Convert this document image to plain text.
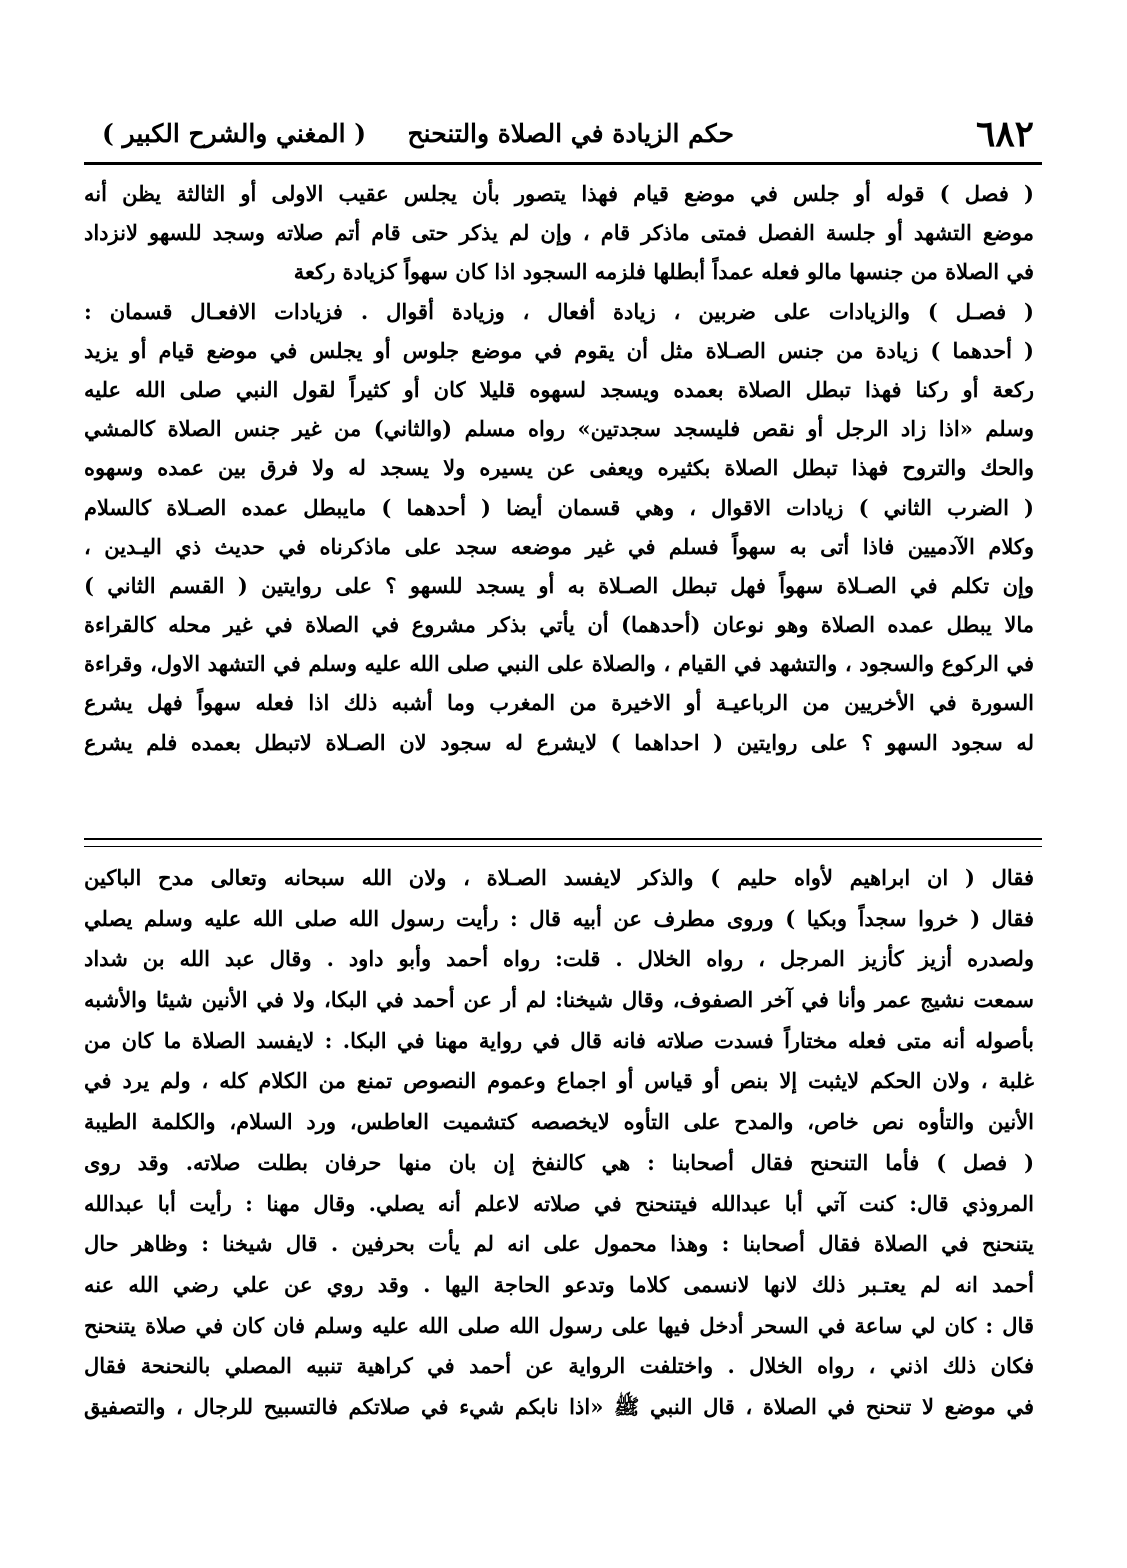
٦٨٢
حكم الزيادة في الصلاة والتنحنح
( المغني والشرح الكبير )
( فصل ) قوله أو جلس في موضع قيام فهذا يتصور بأن يجلس عقيب الاولى أو الثالثة يظن أنه
موضع التشهد أو جلسة الفصل فمتى ماذكر قام ، وإن لم يذكر حتى قام أتم صلاته وسجد للسهو لانزداد
في الصلاة من جنسها مالو فعله عمداً أبطلها فلزمه السجود اذا كان سهواً كزيادة ركعة
( فصـل ) والزيادات على ضربين ، زيادة أفعال ، وزيادة أقوال . فزيادات الافعـال قسمان :
( أحدهما ) زيادة من جنس الصـلاة مثل أن يقوم في موضع جلوس أو يجلس في موضع قيام أو يزيد
ركعة أو ركنا فهذا تبطل الصلاة بعمده ويسجد لسهوه قليلا كان أو كثيراً لقول النبي صلى الله عليه
وسلم «اذا زاد الرجل أو نقص فليسجد سجدتين» رواه مسلم (والثاني) من غير جنس الصلاة كالمشي
والحك والتروح فهذا تبطل الصلاة بكثيره ويعفى عن يسيره ولا يسجد له ولا فرق بين عمده وسهوه
( الضرب الثاني ) زيادات الاقوال ، وهي قسمان أيضا ( أحدهما ) مايبطل عمده الصـلاة كالسلام
وكلام الآدميين فاذا أتى به سهواً فسلم في غير موضعه سجد على ماذكرناه في حديث ذي اليـدين ،
وإن تكلم في الصـلاة سهواً فهل تبطل الصـلاة به أو يسجد للسهو ؟ على روايتين ( القسم الثاني )
مالا يبطل عمده الصلاة وهو نوعان (أحدهما) أن يأتي بذكر مشروع في الصلاة في غير محله كالقراءة
في الركوع والسجود ، والتشهد في القيام ، والصلاة على النبي صلى الله عليه وسلم في التشهد الاول، وقراءة
السورة في الأخريين من الرباعيـة أو الاخيرة من المغرب وما أشبه ذلك اذا فعله سهواً فهل يشرع
له سجود السهو ؟ على روايتين ( احداهما ) لايشرع له سجود لان الصـلاة لاتبطل بعمده فلم يشرع
فقال ( ان ابراهيم لأواه حليم ) والذكر لايفسد الصـلاة ، ولان الله سبحانه وتعالى مدح الباكين
فقال ( خروا سجداً وبكيا ) وروى مطرف عن أبيه قال : رأيت رسول الله صلى الله عليه وسلم يصلي
ولصدره أزيز كأزيز المرجل ، رواه الخلال . قلت: رواه أحمد وأبو داود . وقال عبد الله بن شداد
سمعت نشيج عمر وأنا في آخر الصفوف، وقال شيخنا: لم أر عن أحمد في البكا، ولا في الأنين شيئا والأشبه
بأصوله أنه متى فعله مختاراً فسدت صلاته فانه قال في رواية مهنا في البكا. : لايفسد الصلاة ما كان من
غلبة ، ولان الحكم لايثبت إلا بنص أو قياس أو اجماع وعموم النصوص تمنع من الكلام كله ، ولم يرد في
الأنين والتأوه نص خاص، والمدح على التأوه لايخصصه كتشميت العاطس، ورد السلام، والكلمة الطيبة
( فصل ) فأما التنحنح فقال أصحابنا : هي كالنفخ إن بان منها حرفان بطلت صلاته. وقد روى
المروذي قال: كنت آتي أبا عبدالله فيتنحنح في صلاته لاعلم أنه يصلي. وقال مهنا : رأيت أبا عبدالله
يتنحنح في الصلاة فقال أصحابنا : وهذا محمول على انه لم يأت بحرفين . قال شيخنا : وظاهر حال
أحمد انه لم يعتـبر ذلك لانها لانسمى كلاما وتدعو الحاجة اليها . وقد روي عن علي رضي الله عنه
قال : كان لي ساعة في السحر أدخل فيها على رسول الله صلى الله عليه وسلم فان كان في صلاة يتنحنح
فكان ذلك اذني ، رواه الخلال . واختلفت الرواية عن أحمد في كراهية تنبيه المصلي بالنحنحة فقال
في موضع لا تنحنح في الصلاة ، قال النبي ﷺ «اذا نابكم شيء في صلاتكم فالتسبيح للرجال ، والتصفيق
